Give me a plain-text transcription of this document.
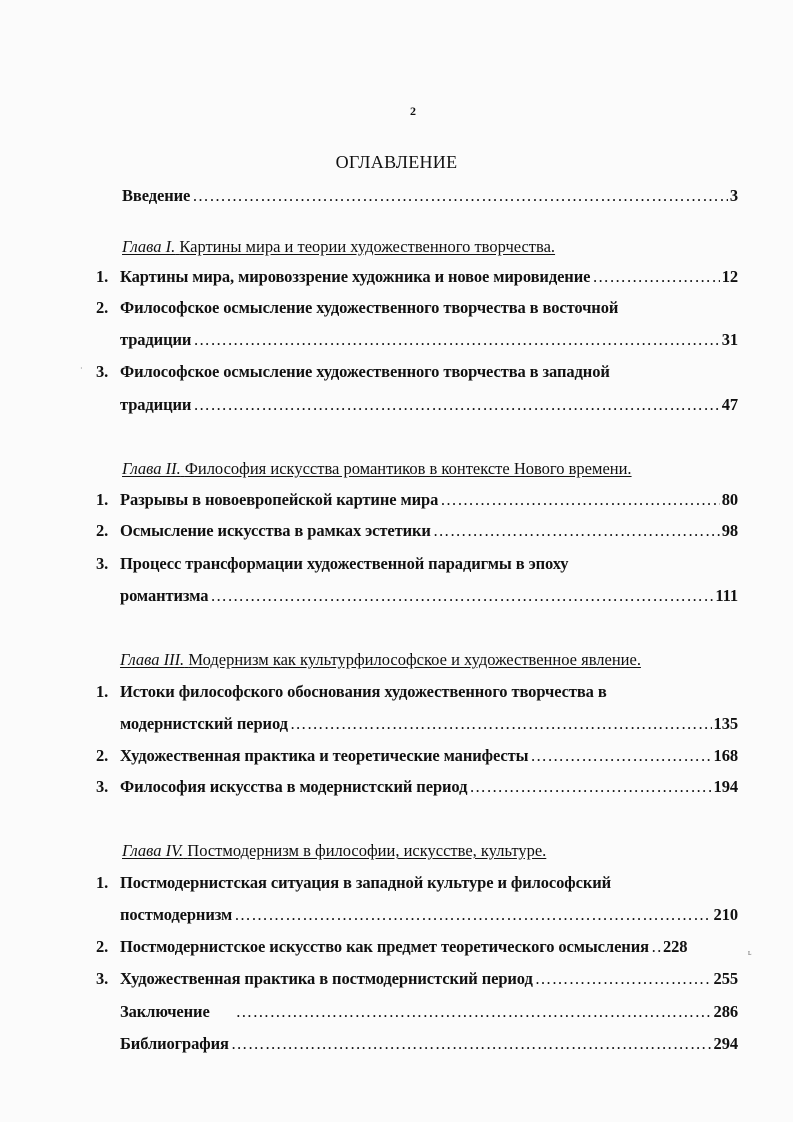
2
ОГЛАВЛЕНИЕ
Введение ………………………………………………………………………………………………………………………………………………………………………………………………………………	3
Глава I. Картины мира и теории художественного творчества.
1. Картины мира, мировоззрение художника и новое мировидение ………………………………………………………………………………………………………………………………………………………………………………………………………………	12
2. Философское осмысление художественного творчества в восточной
традиции ………………………………………………………………………………………………………………………………………………………………………………………………………………	31
· 3. Философское осмысление художественного творчества в западной
традиции ………………………………………………………………………………………………………………………………………………………………………………………………………………	47
Глава II. Философия искусства романтиков в контексте Нового времени.
1. Разрывы в новоевропейской картине мира ………………………………………………………………………………………………………………………………………………………………………………………………………………	80
2. Осмысление искусства в рамках эстетики ………………………………………………………………………………………………………………………………………………………………………………………………………………	98
3. Процесс трансформации художественной парадигмы в эпоху
романтизма ………………………………………………………………………………………………………………………………………………………………………………………………………………	111
Глава III. Модернизм как культурфилософское и художественное явление.
1. Истоки философского обоснования художественного творчества в
модернистский период ………………………………………………………………………………………………………………………………………………………………………………………………………………	135
2. Художественная практика и теоретические манифесты ………………………………………………………………………………………………………………………………………………………………………………………………………………	168
3. Философия искусства в модернистский период ………………………………………………………………………………………………………………………………………………………………………………………………………………	194
Глава IV. Постмодернизм в философии, искусстве, культуре.
1. Постмодернистская ситуация в западной культуре и философский
постмодернизм ………………………………………………………………………………………………………………………………………………………………………………………………………………	210
2. Постмодернистское искусство как предмет теоретического осмысления ……………………………………………………………………………………………………………………………………………………………………………………………………………… 228	ʟ
3. Художественная практика в постмодернистский период ………………………………………………………………………………………………………………………………………………………………………………………………………………	255
Заключение ………………………………………………………………………………………………………………………………………………………………………………………………………………	286
Библиография ………………………………………………………………………………………………………………………………………………………………………………………………………………	294
